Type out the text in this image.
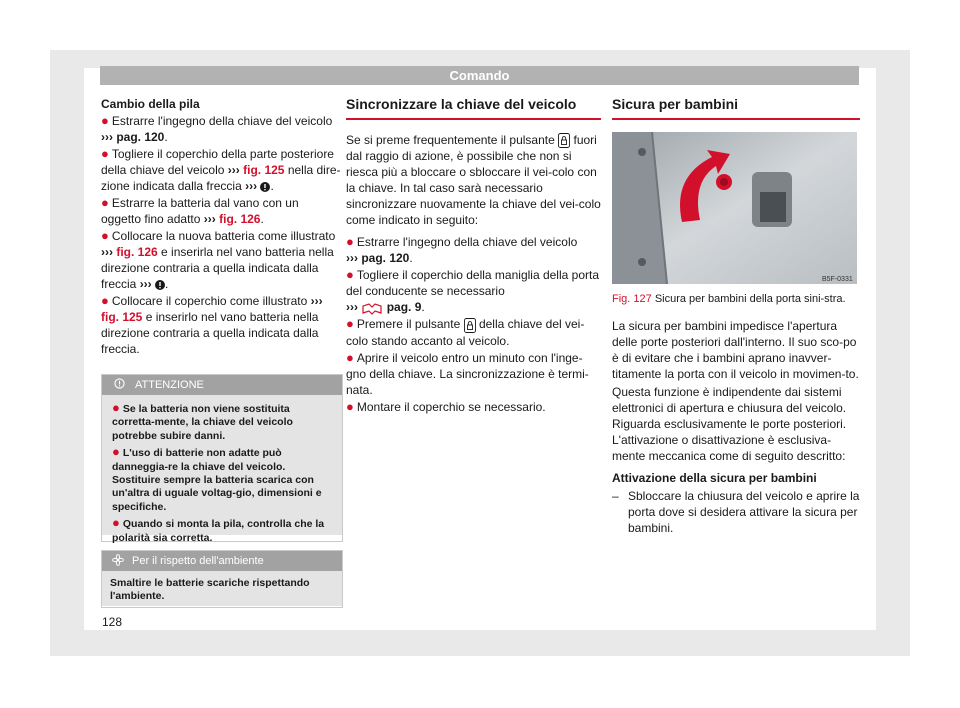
Comando

Cambio della pila

● Estrarre l'ingegno della chiave del veicolo ››› pag. 120.

● Togliere il coperchio della parte posteriore della chiave del veicolo ››› fig. 125 nella dire-zione indicata dalla freccia ››› .

● Estrarre la batteria dal vano con un oggetto fino adatto ››› fig. 126.

● Collocare la nuova batteria come illustrato ››› fig. 126 e inserirla nel vano batteria nella direzione contraria a quella indicata dalla freccia ››› .

● Collocare il coperchio come illustrato ››› fig. 125 e inserirlo nel vano batteria nella direzione contraria a quella indicata dalla freccia.

ATTENZIONE

● Se la batteria non viene sostituita corretta-mente, la chiave del veicolo potrebbe subire danni.

● L'uso di batterie non adatte può danneggia-re la chiave del veicolo. Sostituire sempre la batteria scarica con un'altra di uguale voltag-gio, dimensioni e specifiche.

● Quando si monta la pila, controlla che la polarità sia corretta.

Per il rispetto dell'ambiente
Smaltire le batterie scariche rispettando l'ambiente.
Sincronizzare la chiave del veicolo

Se si preme frequentemente il pulsante fuori dal raggio di azione, è possibile che non si riesca più a bloccare o sbloccare il vei-colo con la chiave. In tal caso sarà necessario sincronizzare nuovamente la chiave del vei-colo come indicato in seguito:

● Estrarre l'ingegno della chiave del veicolo
››› pag. 120.

● Togliere il coperchio della maniglia della porta del conducente se necessario
››› pag. 9.

● Premere il pulsante della chiave del vei-colo stando accanto al veicolo.

● Aprire il veicolo entro un minuto con l'inge-gno della chiave. La sincronizzazione è termi-nata.

● Montare il coperchio se necessario.

Sicura per bambini
B5F-0331

Fig. 127 Sicura per bambini della porta sini-stra.

La sicura per bambini impedisce l'apertura delle porte posteriori dall'interno. Il suo sco-po è di evitare che i bambini aprano inavver-titamente la porta con il veicolo in movimen-to.

Questa funzione è indipendente dai sistemi elettronici di apertura e chiusura del veicolo. Riguarda esclusivamente le porte posteriori. L'attivazione o disattivazione è esclusiva-mente meccanica come di seguito descritto:

Attivazione della sicura per bambini

– Sbloccare la chiusura del veicolo e aprire la porta dove si desidera attivare la sicura per bambini.
128
